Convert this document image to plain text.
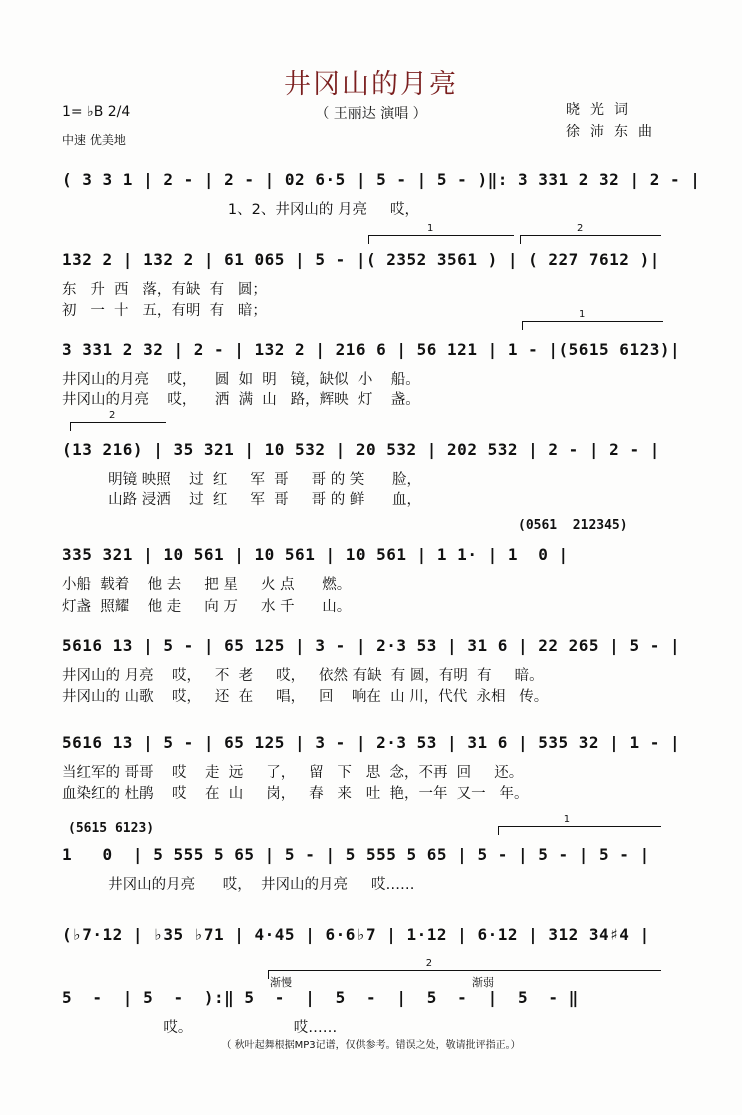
井冈山的月亮
（ 王丽达 演唱 ）
1= ♭B 2/4
中速 优美地
晓光词
徐沛东曲
( 3 3 1 | 2 - | 2 - | 02 6·5 | 5 - | 5 - )‖: 3 331 2 32 | 2 - |
1、2、井冈山的 月亮     哎，
1	2
132 2 | 132 2 | 61 065 | 5 - |( 2352 3561 ) | ( 227 7612 )|
东   升  西   落，有缺  有   圆；
初   一  十   五，有明  有   暗；	1
3 331 2 32 | 2 - | 132 2 | 216 6 | 56 121 | 1 - |(5615 6123)|
井冈山的月亮    哎，    圆  如  明   镜，缺似  小    船。
井冈山的月亮    哎，    洒  满  山   路，辉映  灯    盏。
2
(13 216) | 35 321 | 10 532 | 20 532 | 202 532 | 2 - | 2 - |
明镜 映照    过  红     军  哥     哥 的 笑      脸，
山路 浸洒    过  红     军  哥     哥 的 鲜      血，
(0561  212345)
335 321 | 10 561 | 10 561 | 10 561 | 1 1· | 1  0 |
小船  载着    他 去     把 星     火 点      燃。
灯盏  照耀    他 走     向 万     水 千      山。
5616 13 | 5 - | 65 125 | 3 - | 2·3 53 | 31 6 | 22 265 | 5 - |
井冈山的 月亮    哎，   不  老     哎，   依然 有缺  有 圆，有明  有     暗。
井冈山的 山歌    哎，   还  在     唱，   回    响在  山 川，代代  永相   传。
5616 13 | 5 - | 65 125 | 3 - | 2·3 53 | 31 6 | 535 32 | 1 - |
当红军的 哥哥    哎    走  远     了，   留   下   思  念，不再  回     还。
血染红的 杜鹃    哎    在  山     岗，   春   来   吐  艳，一年  又一   年。
(5615 6123)
1
1   0  | 5 555 5 65 | 5 - | 5 555 5 65 | 5 - | 5 - | 5 - |
井冈山的月亮      哎，  井冈山的月亮     哎……
(♭7·12 | ♭35 ♭71 | 4·45 | 6·6♭7 | 1·12 | 6·12 | 312 34♯4 |
2
渐慢	渐弱
5  -  | 5  -  ):‖ 5  -  |  5  -  |  5  -  |  5  - ‖
哎。                      哎……
（ 秋叶起舞根据MP3记谱，仅供参考。错误之处，敬请批评指正。）
